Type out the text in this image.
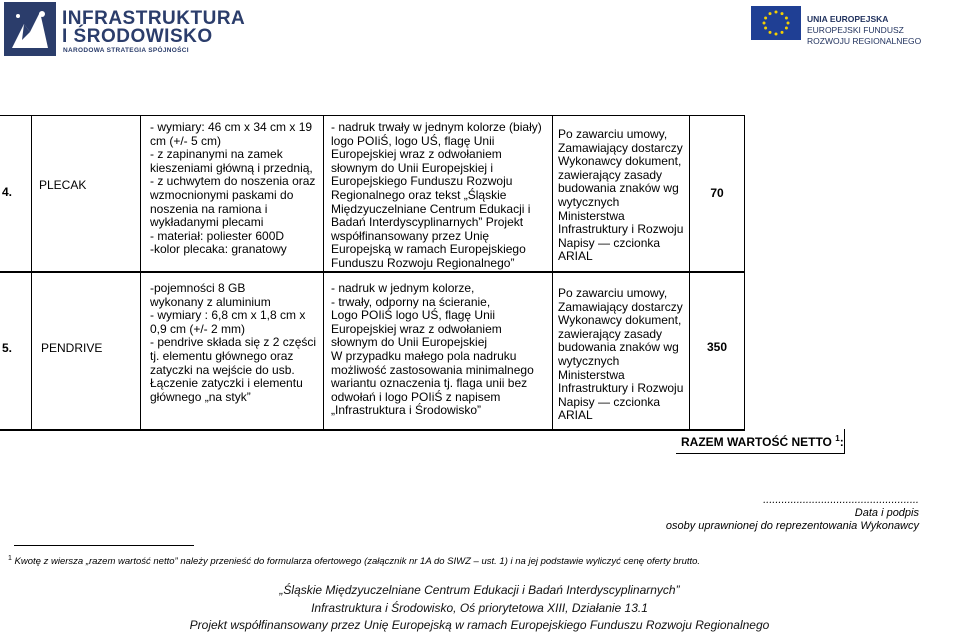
INFRASTRUKTURA
I ŚRODOWISKO
NARODOWA STRATEGIA SPÓJNOŚCI
UNIA EUROPEJSKA
EUROPEJSKI FUNDUSZ
ROZWOJU REGIONALNEGO
4.	PLECAK
- wymiary: 46 cm x 34 cm x 19
cm (+/- 5 cm)
- z zapinanymi na zamek
kieszeniami główną i przednią,
- z uchwytem do noszenia oraz
wzmocnionymi paskami do
noszenia na ramiona i
wykładanymi plecami
- materiał: poliester 600D
-kolor plecaka: granatowy
- nadruk trwały w jednym kolorze (biały)
logo POIiŚ, logo UŚ, flagę Unii
Europejskiej wraz z odwołaniem
słownym do Unii Europejskiej i
Europejskiego Funduszu Rozwoju
Regionalnego oraz tekst „Śląskie
Międzyuczelniane Centrum Edukacji i
Badań Interdyscyplinarnych” Projekt
współfinansowany przez Unię
Europejską w ramach Europejskiego
Funduszu Rozwoju Regionalnego”
Po zawarciu umowy,
Zamawiający dostarczy
Wykonawcy dokument,
zawierający zasady
budowania znaków wg
wytycznych
Ministerstwa
Infrastruktury i Rozwoju
Napisy — czcionka
ARIAL
70
5.	PENDRIVE
-pojemności 8 GB
wykonany z aluminium
- wymiary : 6,8 cm x 1,8 cm x
0,9 cm (+/- 2 mm)
- pendrive składa się z 2 części
tj. elementu głównego oraz
zatyczki na wejście do usb.
Łączenie zatyczki i elementu
głównego „na styk”
- nadruk w jednym kolorze,
- trwały, odporny na ścieranie,
Logo POIiŚ logo UŚ, flagę Unii
Europejskiej wraz z odwołaniem
słownym do Unii Europejskiej
W przypadku małego pola nadruku
możliwość zastosowania minimalnego
wariantu oznaczenia tj. flaga unii bez
odwołań i logo POIiŚ z napisem
„Infrastruktura i Środowisko”
Po zawarciu umowy,
Zamawiający dostarczy
Wykonawcy dokument,
zawierający zasady
budowania znaków wg
wytycznych
Ministerstwa
Infrastruktury i Rozwoju
Napisy — czcionka
ARIAL
350
RAZEM WARTOŚĆ NETTO $^1$:
...................................................
Data i podpis
osoby uprawnionej do reprezentowania Wykonawcy
$^1$ Kwotę z wiersza „razem wartość netto” należy przenieść do formularza ofertowego (załącznik nr 1A do SIWZ – ust. 1) i na jej podstawie wyliczyć cenę oferty brutto.
„Śląskie Międzyuczelniane Centrum Edukacji i Badań Interdyscyplinarnych”
Infrastruktura i Środowisko, Oś priorytetowa XIII, Działanie 13.1
Projekt współfinansowany przez Unię Europejską w ramach Europejskiego Funduszu Rozwoju Regionalnego
